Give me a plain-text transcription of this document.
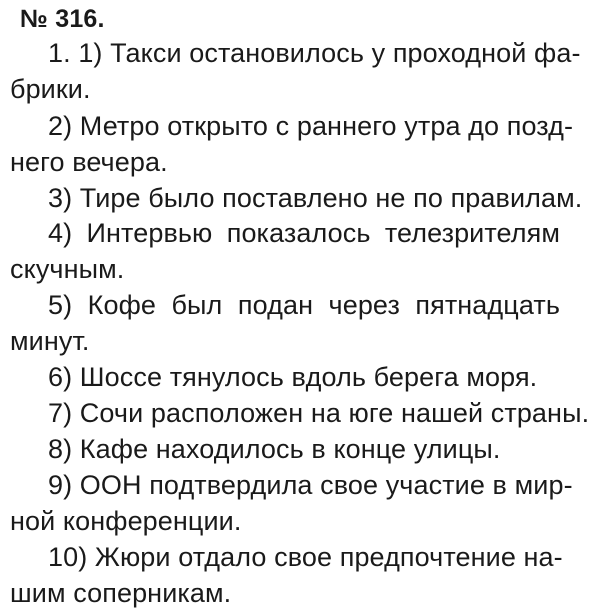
№ 316.
1. 1) Такси остановилось у проходной фа-
брики.
2) Метро открыто с раннего утра до позд-
него вечера.
3) Тире было поставлено не по правилам.
4) Интервью показалось телезрителям
скучным.
5) Кофе был подан через пятнадцать
минут.
6) Шоссе тянулось вдоль берега моря.
7) Сочи расположен на юге нашей страны.
8) Кафе находилось в конце улицы.
9) ООН подтвердила свое участие в мир-
ной конференции.
10) Жюри отдало свое предпочтение на-
шим соперникам.
